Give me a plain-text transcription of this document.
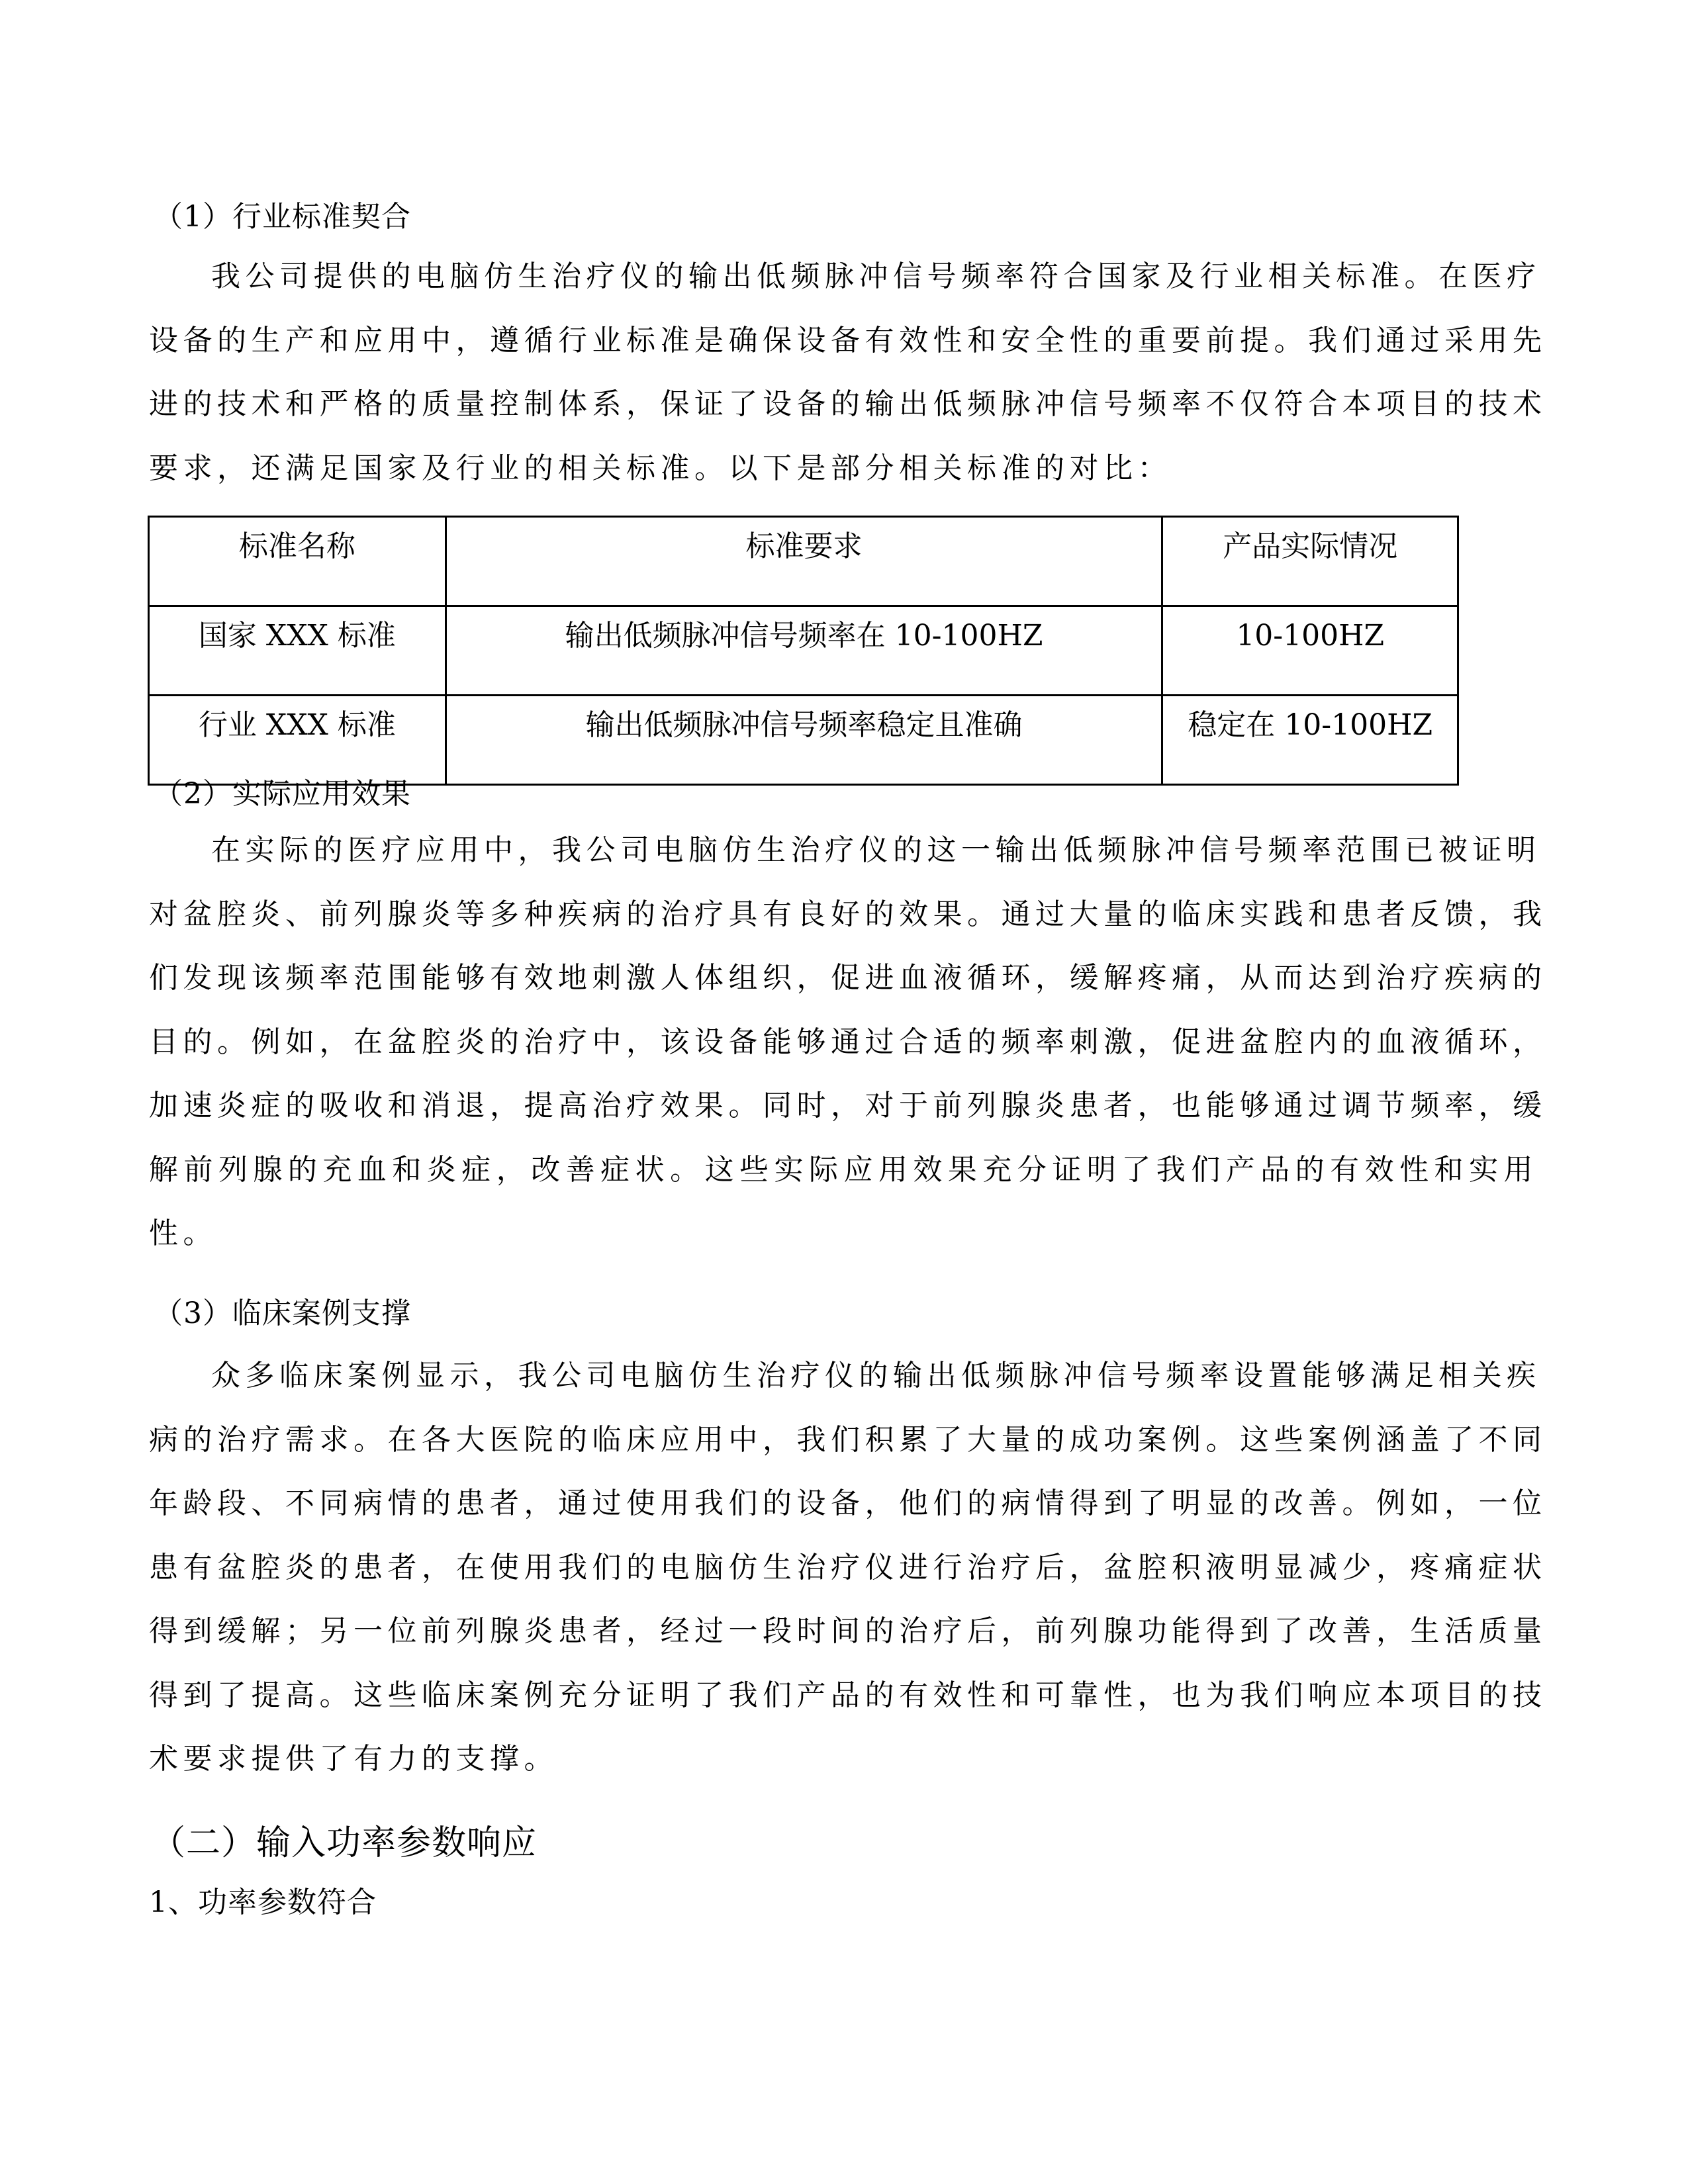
（1）行业标准契合
我公司提供的电脑仿生治疗仪的输出低频脉冲信号频率符合国家及行业相关标准。在医疗
设备的生产和应用中，遵循行业标准是确保设备有效性和安全性的重要前提。我们通过采用先
进的技术和严格的质量控制体系，保证了设备的输出低频脉冲信号频率不仅符合本项目的技术
要求，还满足国家及行业的相关标准。以下是部分相关标准的对比：
标准名称	标准要求	产品实际情况
国家 XXX 标准	输出低频脉冲信号频率在 10-100HZ	10-100HZ
行业 XXX 标准	输出低频脉冲信号频率稳定且准确	稳定在 10-100HZ
（2）实际应用效果
在实际的医疗应用中，我公司电脑仿生治疗仪的这一输出低频脉冲信号频率范围已被证明
对盆腔炎、前列腺炎等多种疾病的治疗具有良好的效果。通过大量的临床实践和患者反馈，我
们发现该频率范围能够有效地刺激人体组织，促进血液循环，缓解疼痛，从而达到治疗疾病的
目的。例如，在盆腔炎的治疗中，该设备能够通过合适的频率刺激，促进盆腔内的血液循环，
加速炎症的吸收和消退，提高治疗效果。同时，对于前列腺炎患者，也能够通过调节频率，缓
解前列腺的充血和炎症，改善症状。这些实际应用效果充分证明了我们产品的有效性和实用
性。
（3）临床案例支撑
众多临床案例显示，我公司电脑仿生治疗仪的输出低频脉冲信号频率设置能够满足相关疾
病的治疗需求。在各大医院的临床应用中，我们积累了大量的成功案例。这些案例涵盖了不同
年龄段、不同病情的患者，通过使用我们的设备，他们的病情得到了明显的改善。例如，一位
患有盆腔炎的患者，在使用我们的电脑仿生治疗仪进行治疗后，盆腔积液明显减少，疼痛症状
得到缓解；另一位前列腺炎患者，经过一段时间的治疗后，前列腺功能得到了改善，生活质量
得到了提高。这些临床案例充分证明了我们产品的有效性和可靠性，也为我们响应本项目的技
术要求提供了有力的支撑。
（二）输入功率参数响应
1、功率参数符合
